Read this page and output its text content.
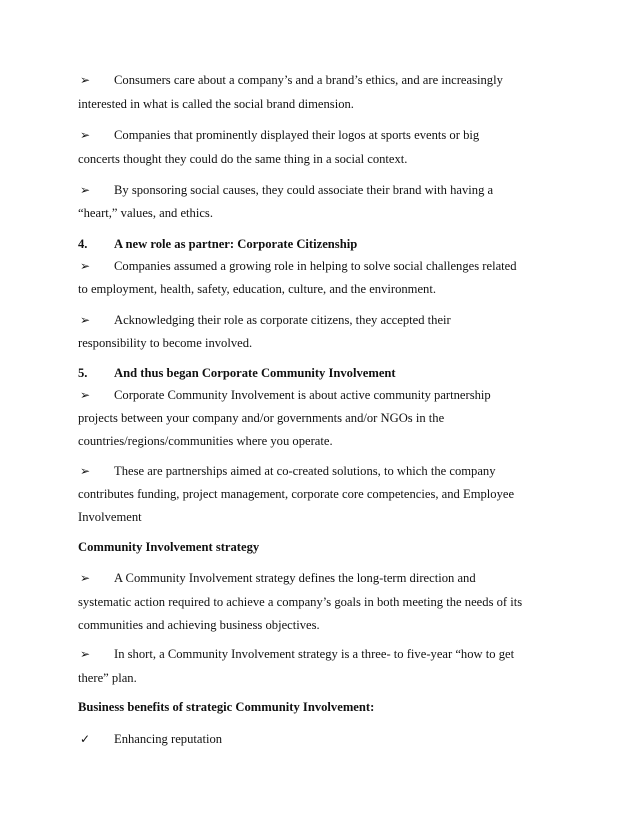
➢ Consumers care about a company’s and a brand’s ethics, and are increasingly
interested in what is called the social brand dimension.
➢ Companies that prominently displayed their logos at sports events or big
concerts thought they could do the same thing in a social context.
➢ By sponsoring social causes, they could associate their brand with having a
“heart,” values, and ethics.
4. A new role as partner: Corporate Citizenship
➢ Companies assumed a growing role in helping to solve social challenges related
to employment, health, safety, education, culture, and the environment.
➢ Acknowledging their role as corporate citizens, they accepted their
responsibility to become involved.
5. And thus began Corporate Community Involvement
➢ Corporate Community Involvement is about active community partnership
projects between your company and/or governments and/or NGOs in the
countries/regions/communities where you operate.
➢ These are partnerships aimed at co-created solutions, to which the company
contributes funding, project management, corporate core competencies, and Employee
Involvement
Community Involvement strategy
➢ A Community Involvement strategy defines the long-term direction and
systematic action required to achieve a company’s goals in both meeting the needs of its
communities and achieving business objectives.
➢ In short, a Community Involvement strategy is a three- to five-year “how to get
there” plan.
Business benefits of strategic Community Involvement:
✓ Enhancing reputation
